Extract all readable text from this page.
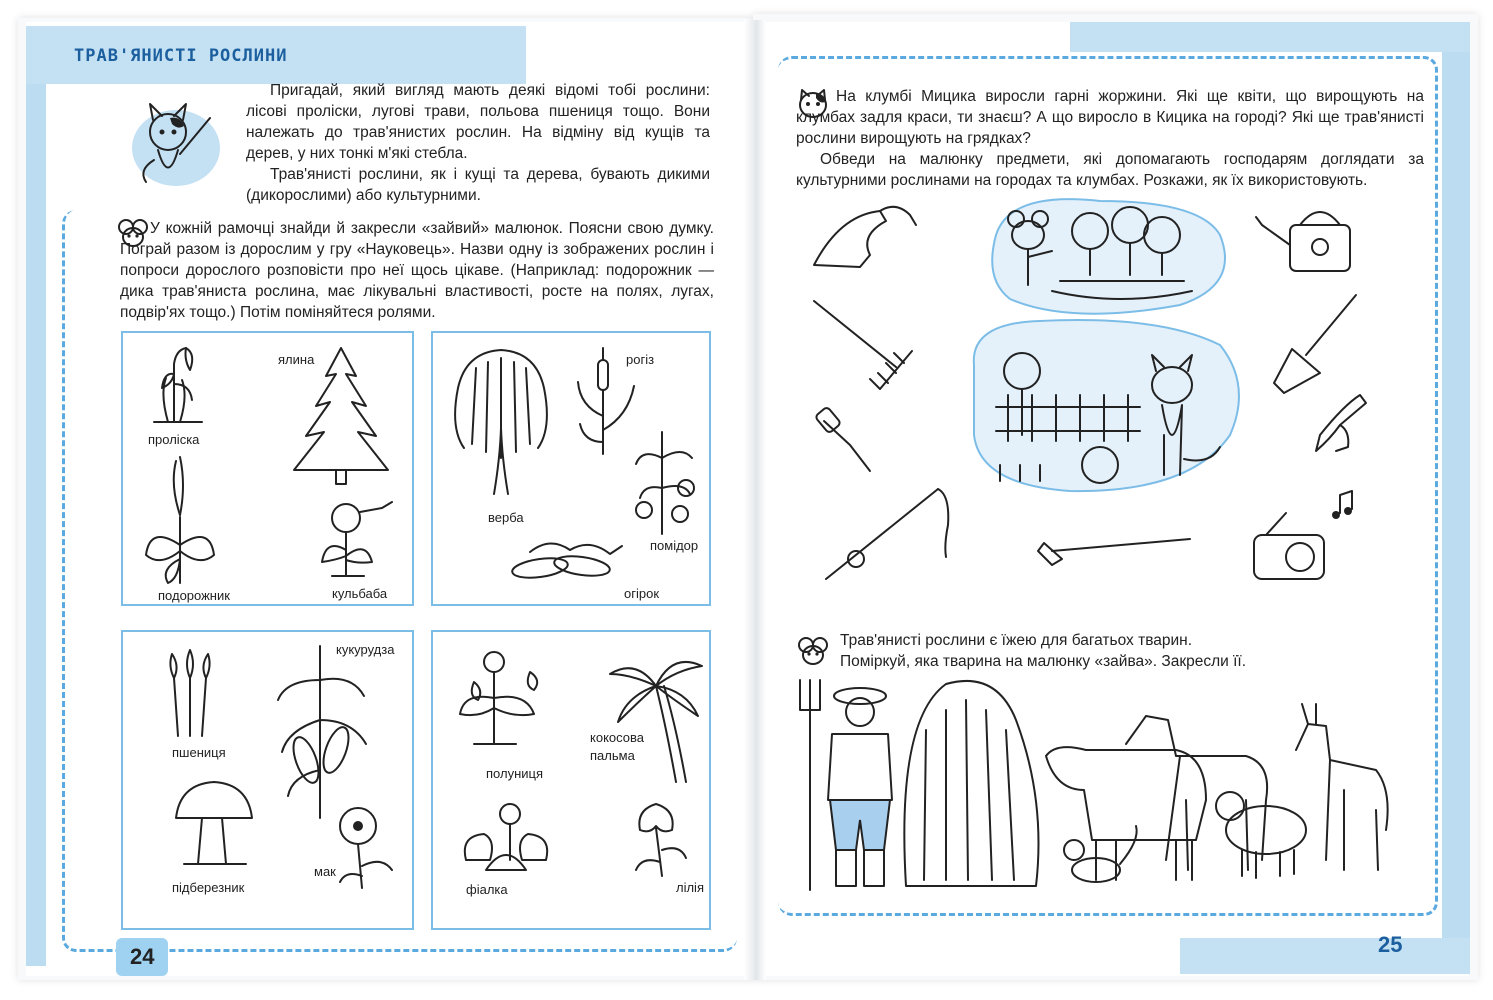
ТРАВ'ЯНИСТІ РОСЛИНИ

Пригадай, який вигляд мають деякі відомі тобі рослини: лісові проліски, лугові трави, польова пшениця тощо. Вони належать до трав'янистих рослин. На відміну від кущів та дерев, у них тонкі м'які стебла.

Трав'янисті рослини, як і кущі та дерева, бувають дикими (дикорослими) або культурними.

У кожній рамочці знайди й закресли «зайвий» малюнок. Поясни свою думку. Пограй разом із дорослим у гру «Науковець». Назви одну із зображених рослин і попроси дорослого розповісти про неї щось цікаве. (Наприклад: подорожник — дика трав'яниста рослина, має лікувальні властивості, росте на полях, лугах, подвір'ях тощо.) Потім поміняйтеся ролями.

проліска
ялина
подорожник	кульбаба
верба
рогіз
помідор
огірок
пшениця
кукурудза
підберезник
мак
полуниця
кокосова
пальма
фіалка	лілія
24

На клумбі Мицика виросли гарні жоржини. Які ще квіти, що вирощують на клумбах задля краси, ти знаєш? А що виросло в Кицика на городі? Які ще трав'янисті рослини вирощують на грядках?

Обведи на малюнку предмети, які допомагають господарям доглядати за культурними рослинами на городах та клумбах. Розкажи, як їх використовують.

Трав'янисті рослини є їжею для багатьох тварин.
Поміркуй, яка тварина на малюнку «зайва». Закресли її.
25
